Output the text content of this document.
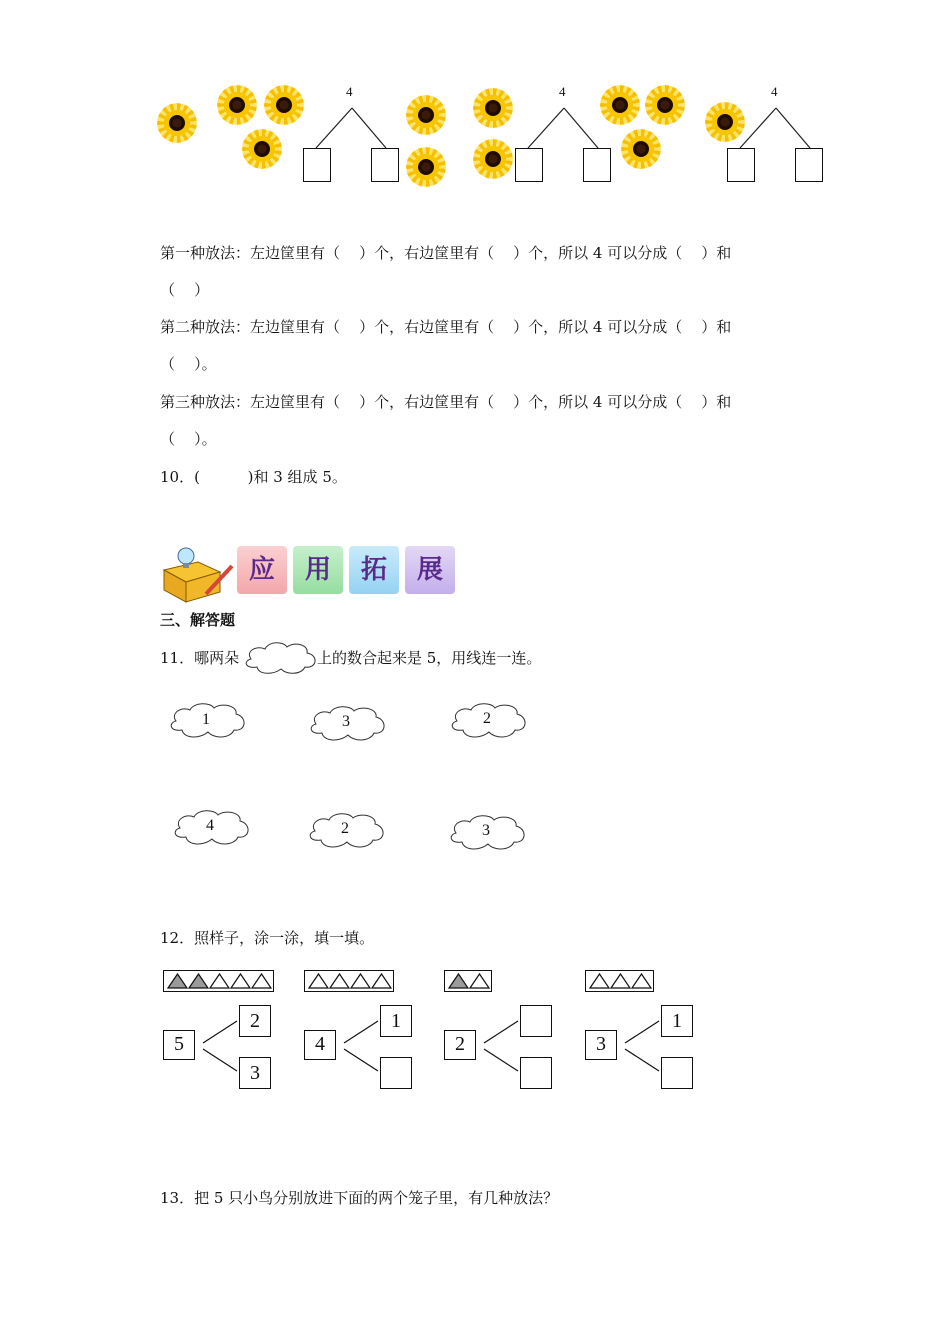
4	4	4
第一种放法：左边筐里有（    ）个，右边筐里有（    ）个，所以 4 可以分成（    ）和
（    ）
第二种放法：左边筐里有（    ）个，右边筐里有（    ）个，所以 4 可以分成（    ）和
（    ）。
第三种放法：左边筐里有（    ）个，右边筐里有（    ）个，所以 4 可以分成（    ）和
（    ）。
10．(          )和 3 组成 5。
应	用	拓	展
三、解答题
11．哪两朵	上的数合起来是 5，用线连一连。
1	3	2
4	2	3
12．照样子，涂一涂，填一填。
5
2
3
4
1
2	3
1
13．把 5 只小鸟分别放进下面的两个笼子里，有几种放法？
